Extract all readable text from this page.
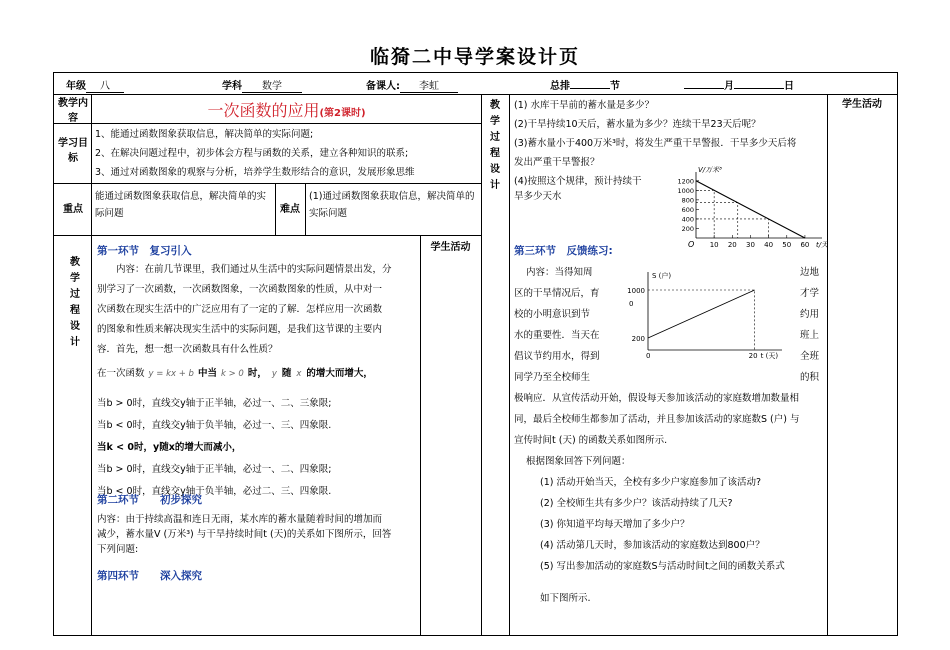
临猗二中导学案设计页
年级 八	学科 数学	备课人: 李虹	总排	节	月	日
教学内容	一次函数的应用(第2课时)
学习目标
1、能通过函数图象获取信息，解决简单的实际问题;
2、在解决问题过程中，初步体会方程与函数的关系，建立各种知识的联系;
3、通过对函数图象的观察与分析，培养学生数形结合的意识，发展形象思维
重点
能通过函数图象获取信息，解决简单的实际问题	难点
(1)通过函数图象获取信息，解决简单的实际问题
教学过程设计
学生活动
第一环节　复习引入
内容：在前几节课里，我们通过从生活中的实际问题情景出发，分
别学习了一次函数，一次函数图象，一次函数图象的性质，从中对一
次函数在现实生活中的广泛应用有了一定的了解．怎样应用一次函数
的图象和性质来解决现实生活中的实际问题，是我们这节课的主要内
容．首先，想一想一次函数具有什么性质？
在一次函数 y = kx + b 中当 k > 0 时， y 随 x 的增大而增大，
当b > 0时，直线交y轴于正半轴，必过一、二、三象限;
当b < 0时，直线交y轴于负半轴，必过一、三、四象限.
当k < 0时，y随x的增大而减小，
当b > 0时，直线交y轴于正半轴，必过一、二、四象限;
当b < 0时，直线交y轴于负半轴，必过二、三、四象限.
第二环节　　初步探究
内容：由于持续高温和连日无雨，某水库的蓄水量随着时间的增加而
减少，蓄水量V (万米³) 与干旱持续时间t (天)的关系如下图所示，回答
下列问题:
第四环节　　深入探究
教学过程设计
学生活动
(1) 水库干旱前的蓄水量是多少？
(2)干旱持续10天后，蓄水量为多少？连续干旱23天后呢？
(3)蓄水量小于400万米³时，将发生严重干旱警报．干旱多少天后将
发出严重干旱警报？
(4)按照这个规律，预计持续干
旱多少天水
200
400
600
800
1000
1200
10 20 30 40 50 60
O
V/万米³
t/天
第三环节　反馈练习:
内容：当得知周
区的干旱情况后，育
校的小明意识到节
水的重要性．当天在
倡议节约用水，得到
同学乃至全校师生
边地
才学
约用
班上
全班
的积
S (户)
200
1000
0
0	20 t (天)
极响应．从宣传活动开始，假设每天参加该活动的家庭数增加数量相
同，最后全校师生都参加了活动，并且参加该活动的家庭数S (户) 与
宣传时间t (天) 的函数关系如图所示.
根据图象回答下列问题：
(1) 活动开始当天，全校有多少户家庭参加了该活动?
(2) 全校师生共有多少户？该活动持续了几天?
(3) 你知道平均每天增加了多少户？
(4) 活动第几天时，参加该活动的家庭数达到800户？
(5) 写出参加活动的家庭数S与活动时间t之间的函数关系式
如下图所示.
